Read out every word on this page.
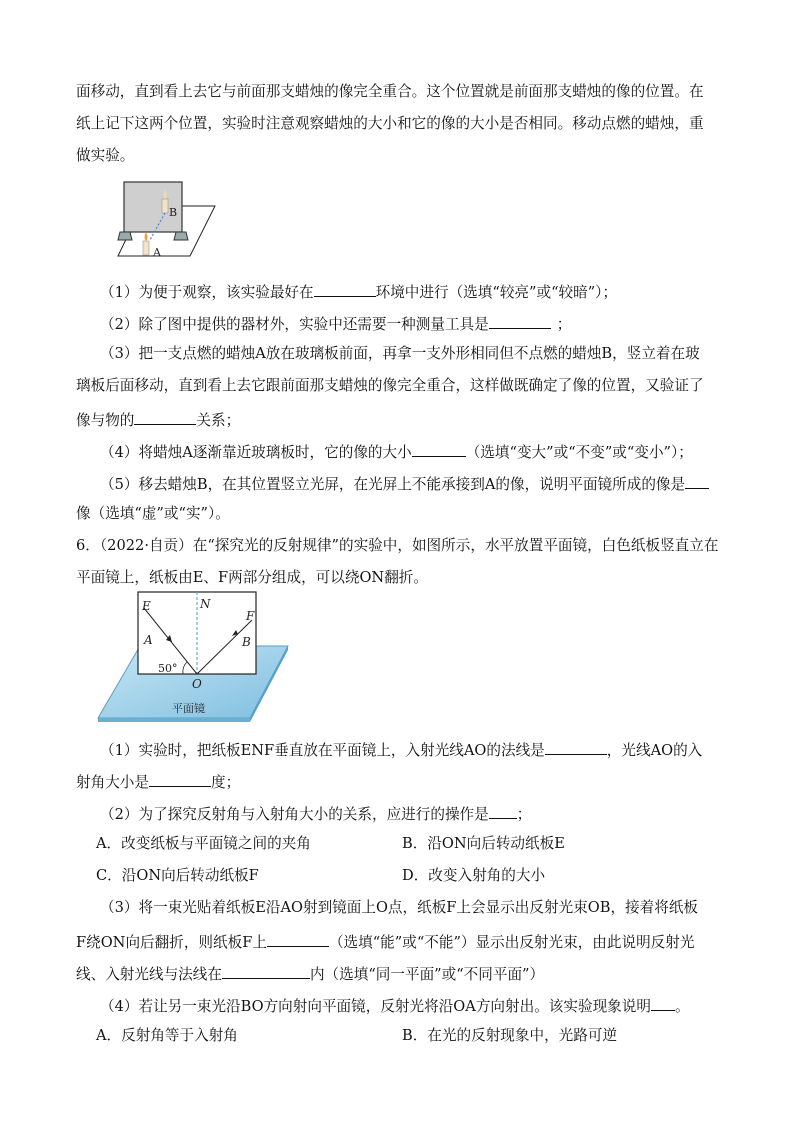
面移动，直到看上去它与前面那支蜡烛的像完全重合。这个位置就是前面那支蜡烛的像的位置。在
纸上记下这两个位置，实验时注意观察蜡烛的大小和它的像的大小是否相同。移动点燃的蜡烛，重
做实验。
B
A
（1）为便于观察，该实验最好在	环境中进行（选填“较亮”或“较暗”）；
（2）除了图中提供的器材外，实验中还需要一种测量工具是	；
（3）把一支点燃的蜡烛A放在玻璃板前面，再拿一支外形相同但不点燃的蜡烛B，竖立着在玻
璃板后面移动，直到看上去它跟前面那支蜡烛的像完全重合，这样做既确定了像的位置，又验证了
像与物的	关系；
（4）将蜡烛A逐渐靠近玻璃板时，它的像的大小	（选填“变大”或“不变”或“变小”）；
（5）移去蜡烛B，在其位置竖立光屏，在光屏上不能承接到A的像，说明平面镜所成的像是
像（选填“虚”或“实”）。
6．（2022·自贡）在“探究光的反射规律”的实验中，如图所示，水平放置平面镜，白色纸板竖直立在
平面镜上，纸板由E、F两部分组成，可以绕ON翻折。
E	N
F
A	B
50°
O
平面镜
（1）实验时，把纸板ENF垂直放在平面镜上，入射光线AO的法线是	，光线AO的入
射角大小是	度；
（2）为了探究反射角与入射角大小的关系，应进行的操作是 ；
A．改变纸板与平面镜之间的夹角	B．沿ON向后转动纸板E
C．沿ON向后转动纸板F	D．改变入射角的大小
（3）将一束光贴着纸板E沿AO射到镜面上O点，纸板F上会显示出反射光束OB，接着将纸板
F绕ON向后翻折，则纸板F上	（选填“能”或“不能”）显示出反射光束，由此说明反射光
线、入射光线与法线在	内（选填“同一平面”或“不同平面”）
（4）若让另一束光沿BO方向射向平面镜，反射光将沿OA方向射出。该实验现象说明 。
A．反射角等于入射角	B．在光的反射现象中，光路可逆
